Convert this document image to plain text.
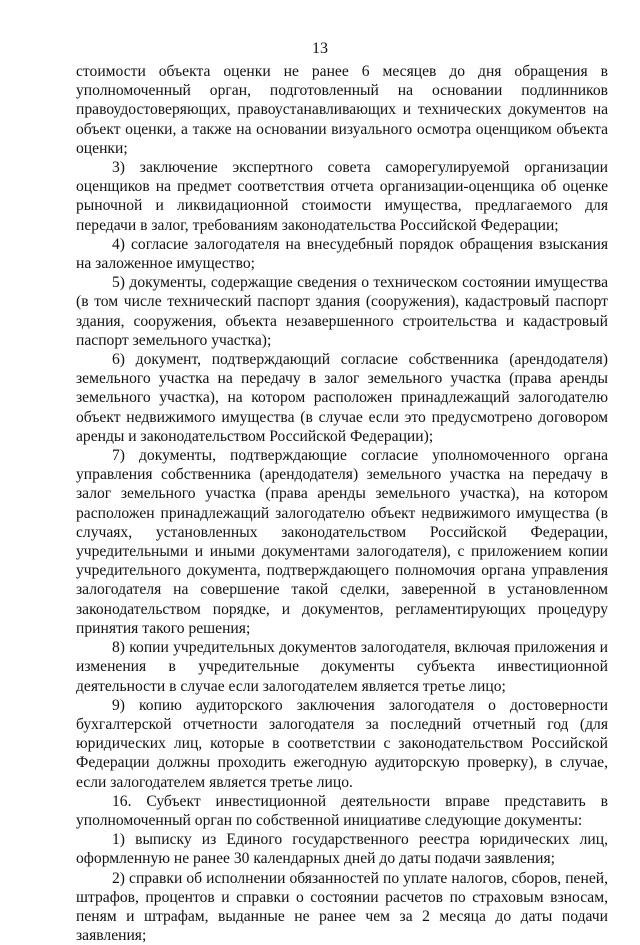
13

стоимости объекта оценки не ранее 6 месяцев до дня обращения в уполномоченный орган, подготовленный на основании подлинников правоудостоверяющих, правоустанавливающих и технических документов на объект оценки, а также на основании визуального осмотра оценщиком объекта оценки;

3) заключение экспертного совета саморегулируемой организации оценщиков на предмет соответствия отчета организации-оценщика об оценке рыночной и ликвидационной стоимости имущества, предлагаемого для передачи в залог, требованиям законодательства Российской Федерации;

4) согласие залогодателя на внесудебный порядок обращения взыскания на заложенное имущество;

5) документы, содержащие сведения о техническом состоянии имущества (в том числе технический паспорт здания (сооружения), кадастровый паспорт здания, сооружения, объекта незавершенного строительства и кадастровый паспорт земельного участка);

6) документ, подтверждающий согласие собственника (арендодателя) земельного участка на передачу в залог земельного участка (права аренды земельного участка), на котором расположен принадлежащий залогодателю объект недвижимого имущества (в случае если это предусмотрено договором аренды и законодательством Российской Федерации);

7) документы, подтверждающие согласие уполномоченного органа управления собственника (арендодателя) земельного участка на передачу в залог земельного участка (права аренды земельного участка), на котором расположен принадлежащий залогодателю объект недвижимого имущества (в случаях, установленных законодательством Российской Федерации, учредительными и иными документами залогодателя), с приложением копии учредительного документа, подтверждающего полномочия органа управления залогодателя на совершение такой сделки, заверенной в установленном законодательством порядке, и документов, регламентирующих процедуру принятия такого решения;

8) копии учредительных документов залогодателя, включая приложения и изменения в учредительные документы субъекта инвестиционной деятельности в случае если залогодателем является третье лицо;

9) копию аудиторского заключения залогодателя о достоверности бухгалтерской отчетности залогодателя за последний отчетный год (для юридических лиц, которые в соответствии с законодательством Российской Федерации должны проходить ежегодную аудиторскую проверку), в случае, если залогодателем является третье лицо.

16. Субъект инвестиционной деятельности вправе представить в уполномоченный орган по собственной инициативе следующие документы:

1) выписку из Единого государственного реестра юридических лиц, оформленную не ранее 30 календарных дней до даты подачи заявления;

2) справки об исполнении обязанностей по уплате налогов, сборов, пеней, штрафов, процентов и справки о состоянии расчетов по страховым взносам, пеням и штрафам, выданные не ранее чем за 2 месяца до даты подачи заявления;
